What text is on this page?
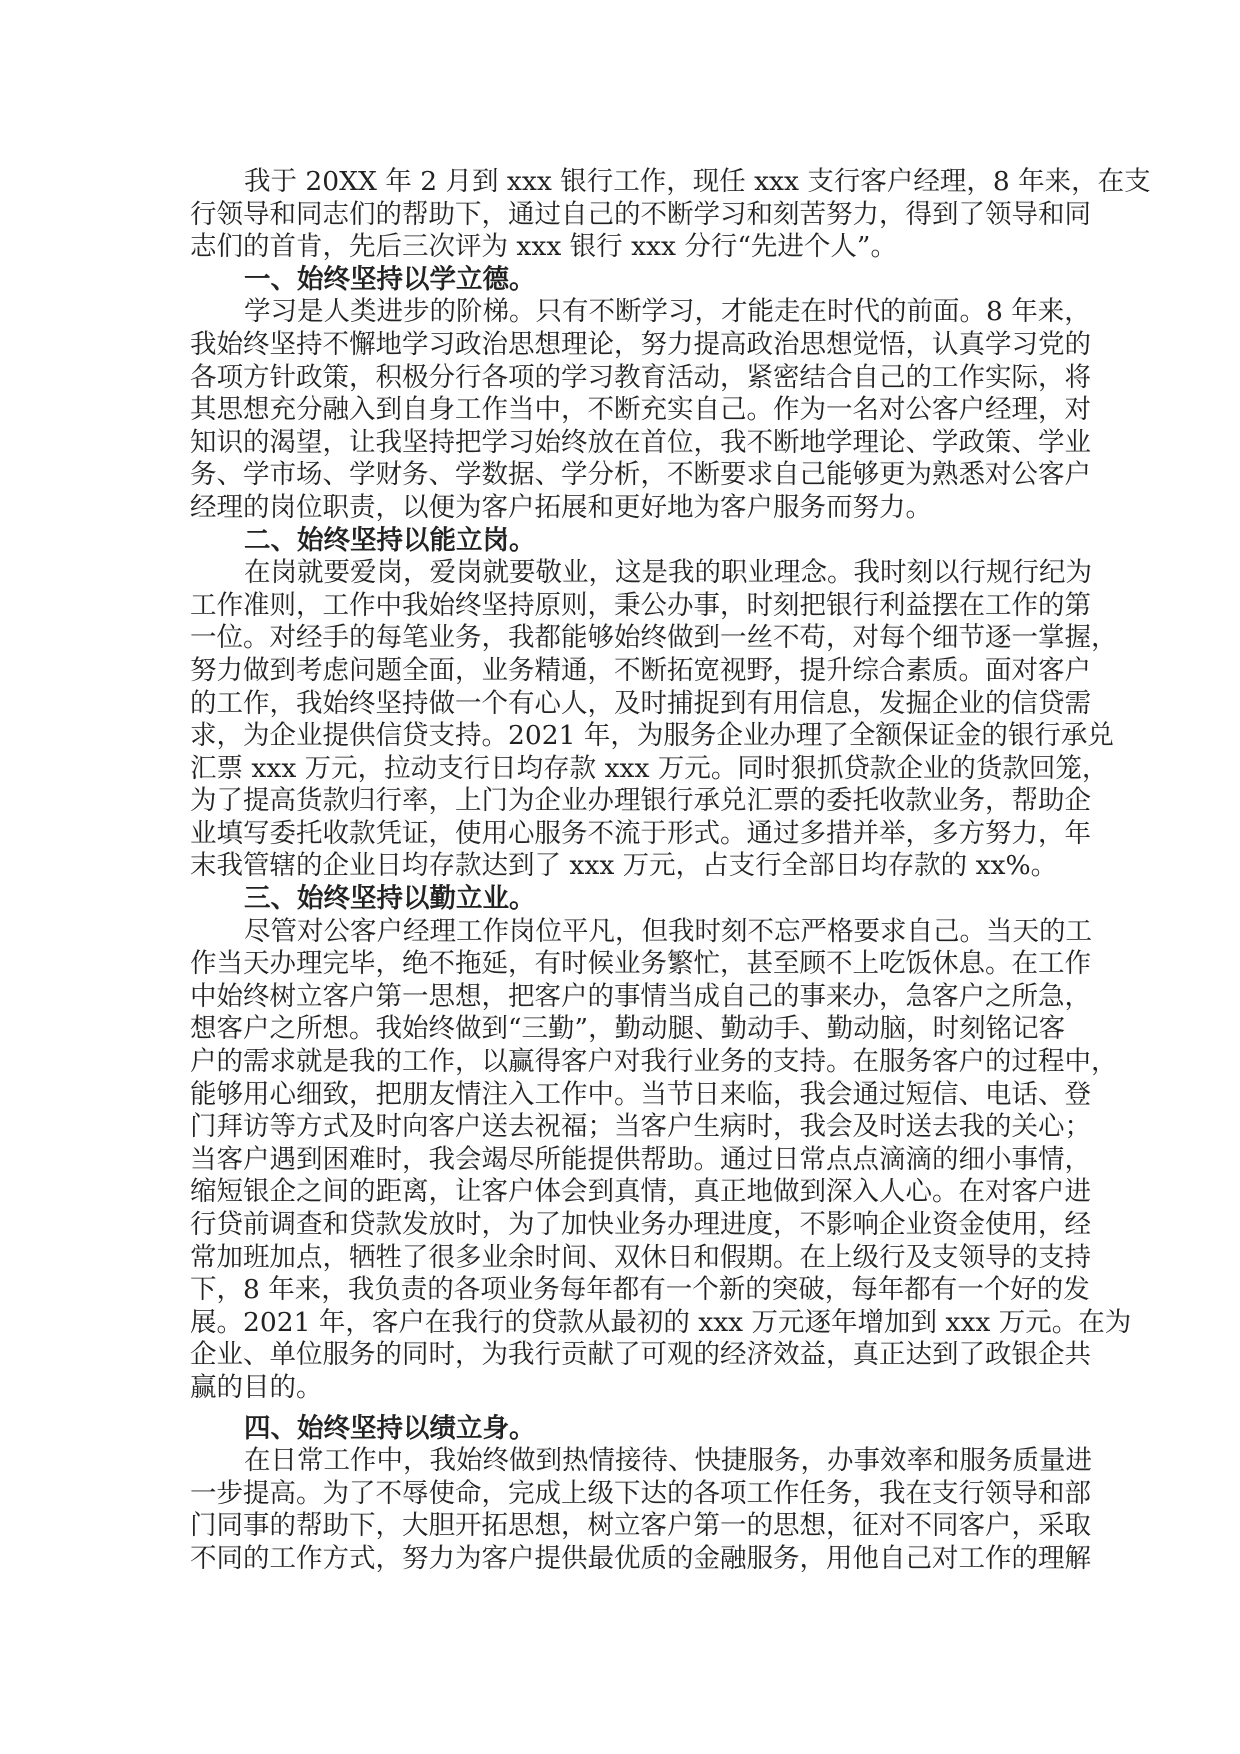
我于 20XX 年 2 月到 xxx 银行工作，现任 xxx 支行客户经理，8 年来，在支
行领导和同志们的帮助下，通过自己的不断学习和刻苦努力，得到了领导和同
志们的首肯，先后三次评为 xxx 银行 xxx 分行“先进个人”。
一、始终坚持以学立德。
学习是人类进步的阶梯。只有不断学习，才能走在时代的前面。8 年来，
我始终坚持不懈地学习政治思想理论，努力提高政治思想觉悟，认真学习党的
各项方针政策，积极分行各项的学习教育活动，紧密结合自己的工作实际，将
其思想充分融入到自身工作当中，不断充实自己。作为一名对公客户经理，对
知识的渴望，让我坚持把学习始终放在首位，我不断地学理论、学政策、学业
务、学市场、学财务、学数据、学分析，不断要求自己能够更为熟悉对公客户
经理的岗位职责，以便为客户拓展和更好地为客户服务而努力。
二、始终坚持以能立岗。
在岗就要爱岗，爱岗就要敬业，这是我的职业理念。我时刻以行规行纪为
工作准则，工作中我始终坚持原则，秉公办事，时刻把银行利益摆在工作的第
一位。对经手的每笔业务，我都能够始终做到一丝不苟，对每个细节逐一掌握，
努力做到考虑问题全面，业务精通，不断拓宽视野，提升综合素质。面对客户
的工作，我始终坚持做一个有心人，及时捕捉到有用信息，发掘企业的信贷需
求，为企业提供信贷支持。2021 年，为服务企业办理了全额保证金的银行承兑
汇票 xxx 万元，拉动支行日均存款 xxx 万元。同时狠抓贷款企业的货款回笼，
为了提高货款归行率，上门为企业办理银行承兑汇票的委托收款业务，帮助企
业填写委托收款凭证，使用心服务不流于形式。通过多措并举，多方努力，年
末我管辖的企业日均存款达到了 xxx 万元，占支行全部日均存款的 xx%。
三、始终坚持以勤立业。
尽管对公客户经理工作岗位平凡，但我时刻不忘严格要求自己。当天的工
作当天办理完毕，绝不拖延，有时候业务繁忙，甚至顾不上吃饭休息。在工作
中始终树立客户第一思想，把客户的事情当成自己的事来办，急客户之所急，
想客户之所想。我始终做到“三勤”，勤动腿、勤动手、勤动脑，时刻铭记客
户的需求就是我的工作，以赢得客户对我行业务的支持。在服务客户的过程中，
能够用心细致，把朋友情注入工作中。当节日来临，我会通过短信、电话、登
门拜访等方式及时向客户送去祝福；当客户生病时，我会及时送去我的关心；
当客户遇到困难时，我会竭尽所能提供帮助。通过日常点点滴滴的细小事情，
缩短银企之间的距离，让客户体会到真情，真正地做到深入人心。在对客户进
行贷前调查和贷款发放时，为了加快业务办理进度，不影响企业资金使用，经
常加班加点，牺牲了很多业余时间、双休日和假期。在上级行及支领导的支持
下，8 年来，我负责的各项业务每年都有一个新的突破，每年都有一个好的发
展。2021 年，客户在我行的贷款从最初的 xxx 万元逐年增加到 xxx 万元。在为
企业、单位服务的同时，为我行贡献了可观的经济效益，真正达到了政银企共
赢的目的。
四、始终坚持以绩立身。
在日常工作中，我始终做到热情接待、快捷服务，办事效率和服务质量进
一步提高。为了不辱使命，完成上级下达的各项工作任务，我在支行领导和部
门同事的帮助下，大胆开拓思想，树立客户第一的思想，征对不同客户，采取
不同的工作方式，努力为客户提供最优质的金融服务，用他自己对工作的理解
